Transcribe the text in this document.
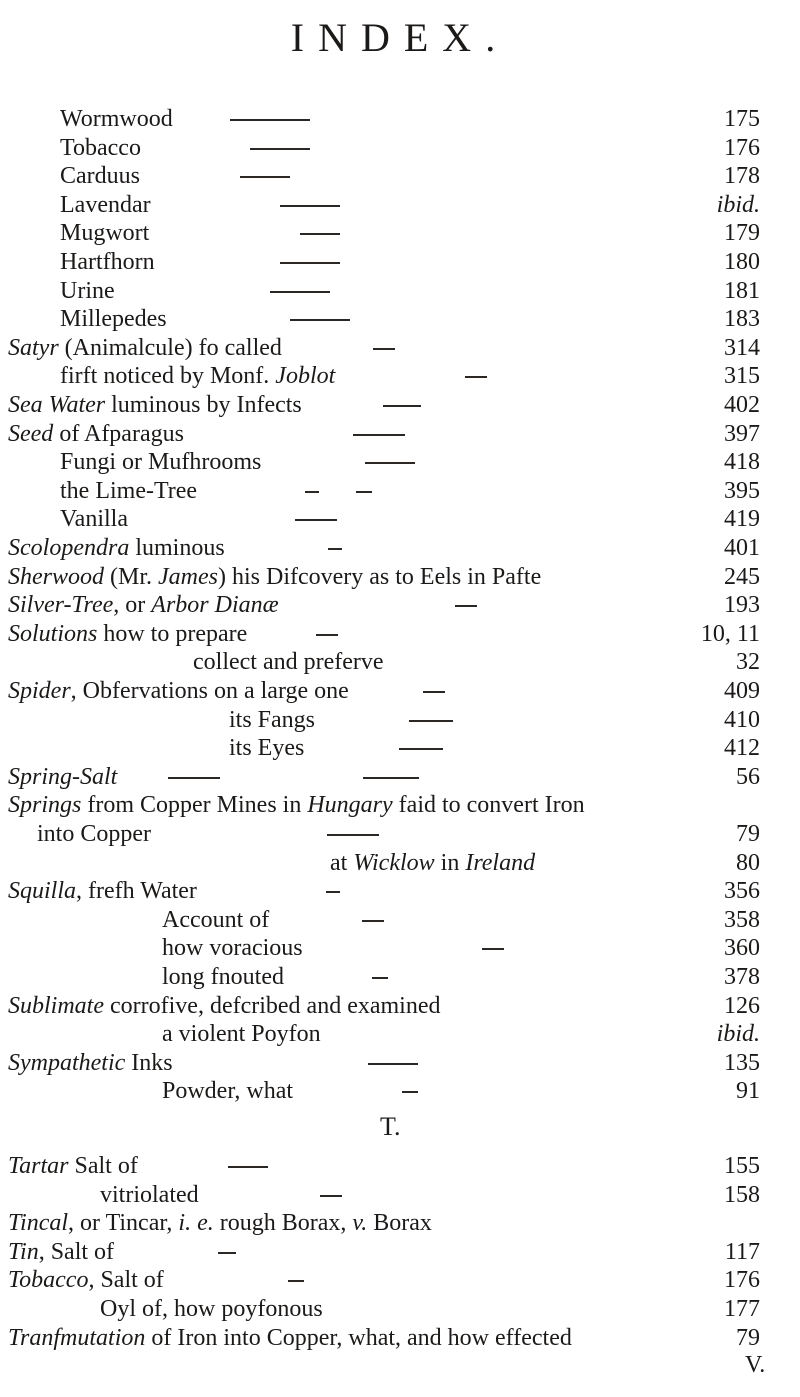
INDEX.
Wormwood	175
Tobacco	176
Carduus	178
Lavendar	ibid.
Mugwort	179
Hartfhorn	180
Urine	181
Millepedes	183
Satyr (Animalcule) fo called	314
firft noticed by Monf. Joblot	315
Sea Water luminous by Infects	402
Seed of Afparagus	397
Fungi or Mufhrooms	418
the Lime-Tree	395
Vanilla	419
Scolopendra luminous	401
Sherwood (Mr. James) his Difcovery as to Eels in Pafte	245
Silver-Tree, or Arbor Dianæ	193
Solutions how to prepare	10, 11
collect and preferve	32
Spider, Obfervations on a large one	409
its Fangs	410
its Eyes	412
Spring-Salt	56
Springs from Copper Mines in Hungary faid to convert Iron
into Copper	79
at Wicklow in Ireland	80
Squilla, frefh Water	356
Account of	358
how voracious	360
long fnouted	378
Sublimate corrofive, defcribed and examined	126
a violent Poyfon	ibid.
Sympathetic Inks	135
Powder, what	91
T.
Tartar Salt of	155
vitriolated	158
Tincal, or Tincar, i. e. rough Borax, v. Borax
Tin, Salt of	117
Tobacco, Salt of	176
Oyl of, how poyfonous	177
Tranfmutation of Iron into Copper, what, and how effected	79
V.
